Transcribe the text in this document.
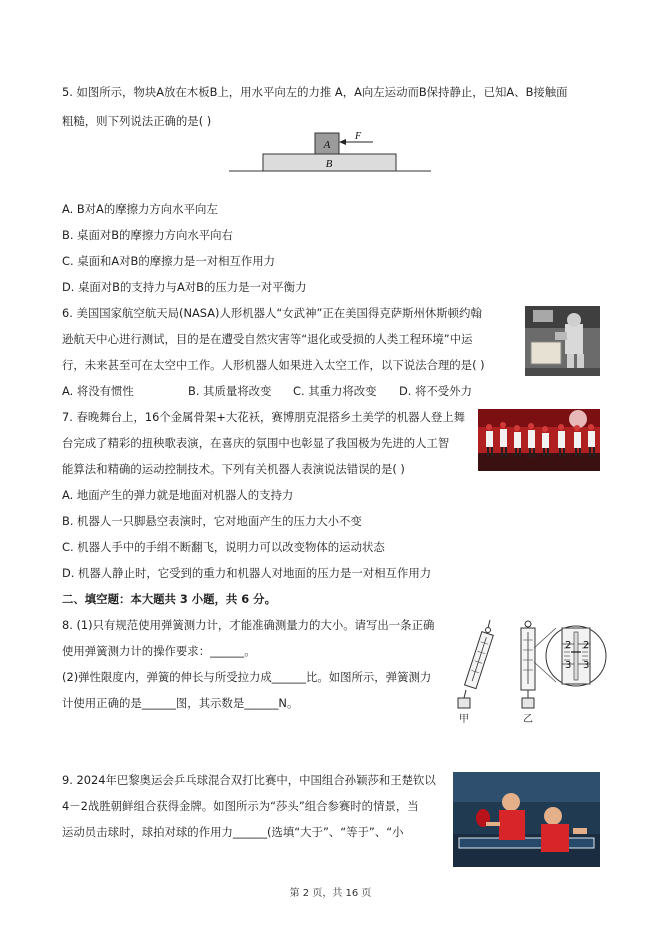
5. 如图所示，物块A放在木板B上，用水平向左的力推 A，A向左运动而B保持静止，已知A、B接触面
粗糙，则下列说法正确的是( )
A
B
F
A. B对A的摩擦力方向水平向左
B. 桌面对B的摩擦力方向水平向右
C. 桌面和A对B的摩擦力是一对相互作用力
D. 桌面对B的支持力与A对B的压力是一对平衡力
6. 美国国家航空航天局(NASA)人形机器人“女武神”正在美国得克萨斯州休斯顿约翰
逊航天中心进行测试，目的是在遭受自然灾害等“退化或受损的人类工程环境”中运
行，未来甚至可在太空中工作。人形机器人如果进入太空工作，以下说法合理的是( )
A. 将没有惯性	B. 其质量将改变 C. 其重力将改变 D. 将不受外力
7. 春晚舞台上，16个金属骨架+大花袄，赛博朋克混搭乡土美学的机器人登上舞
台完成了精彩的扭秧歌表演，在喜庆的氛围中也彰显了我国极为先进的人工智
能算法和精确的运动控制技术。下列有关机器人表演说法错误的是( )
A. 地面产生的弹力就是地面对机器人的支持力
B. 机器人一只脚悬空表演时，它对地面产生的压力大小不变
C. 机器人手中的手绢不断翻飞，说明力可以改变物体的运动状态
D. 机器人静止时，它受到的重力和机器人对地面的压力是一对相互作用力
二、填空题：本大题共 3 小题，共 6 分。
8. (1)只有规范使用弹簧测力计，才能准确测量力的大小。请写出一条正确
使用弹簧测力计的操作要求：______。
(2)弹性限度内，弹簧的伸长与所受拉力成______比。如图所示，弹簧测力
计使用正确的是______图，其示数是______N。
甲	乙
2 2
3 3
9. 2024年巴黎奥运会乒乓球混合双打比赛中，中国组合孙颖莎和王楚钦以
4－2战胜朝鲜组合获得金牌。如图所示为“莎头”组合参赛时的情景，当
运动员击球时，球拍对球的作用力______(选填“大于”、“等于”、“小
第 2 页，共 16 页
